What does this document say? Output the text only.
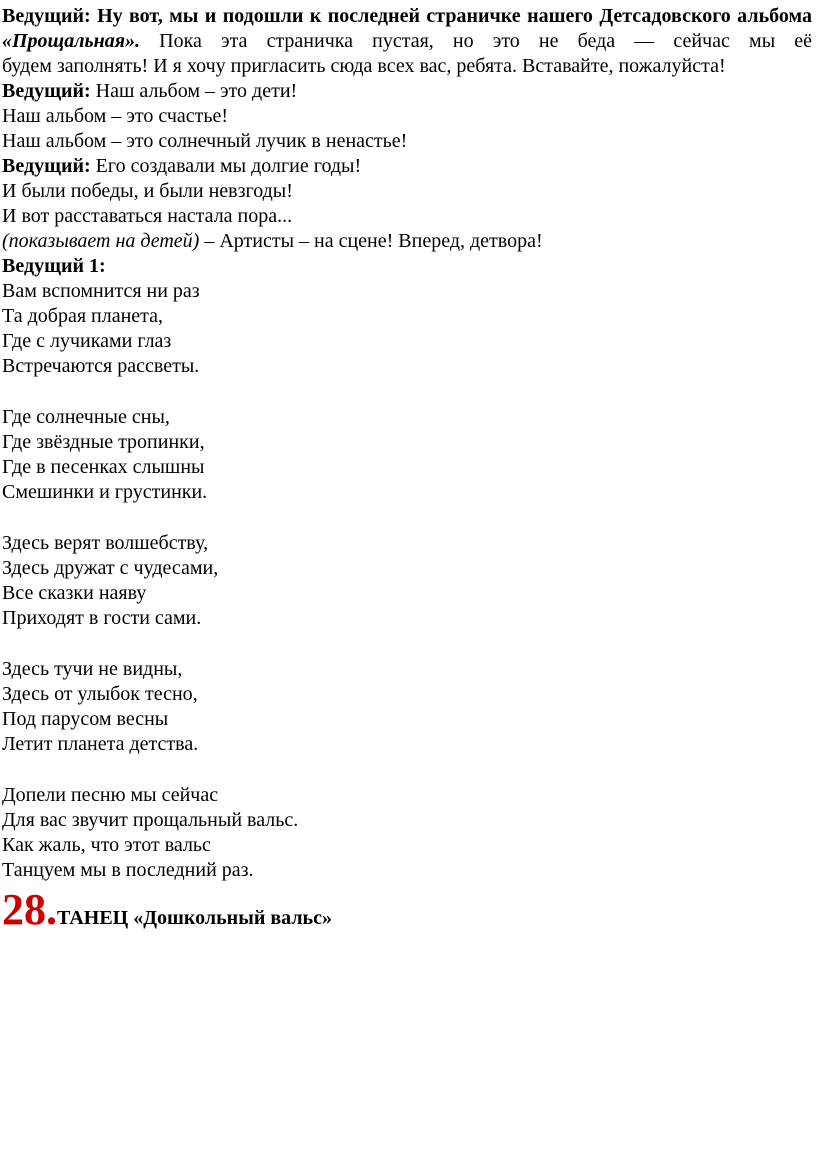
Ведущий: Ну вот, мы и подошли к последней страничке нашего Детсадовского альбома
«Прощальная». Пока эта страничка пустая, но это не беда — сейчас мы её
будем заполнять! И я хочу пригласить сюда всех вас, ребята. Вставайте, пожалуйста!
Ведущий: Наш альбом – это дети!
Наш альбом – это счастье!
Наш альбом – это солнечный лучик в ненастье!
Ведущий: Его создавали мы долгие годы!
И были победы, и были невзгоды!
И вот расставаться настала пора...
(показывает на детей) – Артисты – на сцене! Вперед, детвора!
Ведущий 1:
Вам вспомнится ни раз
Та добрая планета,
Где с лучиками глаз
Встречаются рассветы.
Где солнечные сны,
Где звёздные тропинки,
Где в песенках слышны
Смешинки и грустинки.
Здесь верят волшебству,
Здесь дружат с чудесами,
Все сказки наяву
Приходят в гости сами.
Здесь тучи не видны,
Здесь от улыбок тесно,
Под парусом весны
Летит планета детства.
Допели песню мы сейчас
Для вас звучит прощальный вальс.
Как жаль, что этот вальс
Танцуем мы в последний раз.
28.ТАНЕЦ «Дошкольный вальс»
